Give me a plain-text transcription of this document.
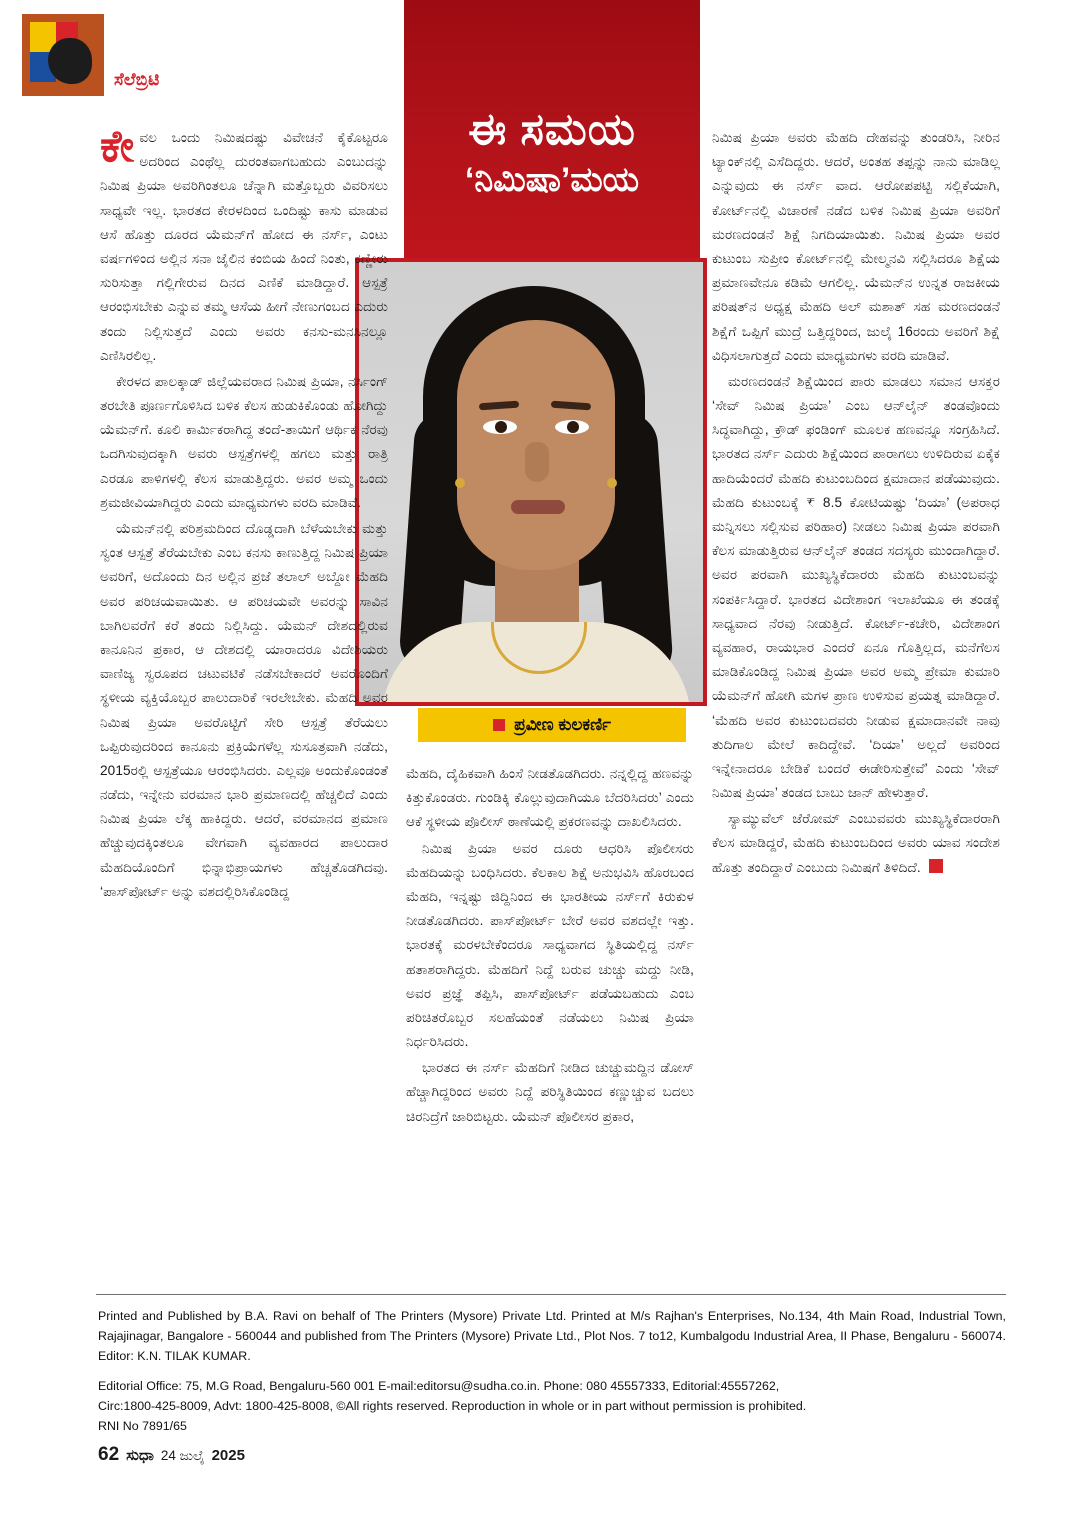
ಸೆಲೆಬ್ರಿಟಿ
ಈ ಸಮಯ
‘ನಿಮಿಷಾ’ಮಯ
ಪ್ರವೀಣ ಕುಲಕರ್ಣಿ

ಕೇವಲ ಒಂದು ನಿಮಿಷದಷ್ಟು ವಿವೇಚನೆ ಕೈಕೊಟ್ಟರೂ ಅದರಿಂದ ಎಂಥೆಲ್ಲ ದುರಂತವಾಗಬಹುದು ಎಂಬುದನ್ನು ನಿಮಿಷ ಪ್ರಿಯಾ ಅವರಿಗಿಂತಲೂ ಚೆನ್ನಾಗಿ ಮತ್ತೊಬ್ಬರು ವಿವರಿಸಲು ಸಾಧ್ಯವೇ ಇಲ್ಲ. ಭಾರತದ ಕೇರಳದಿಂದ ಒಂದಿಷ್ಟು ಕಾಸು ಮಾಡುವ ಆಸೆ ಹೊತ್ತು ದೂರದ ಯೆಮನ್‌ಗೆ ಹೋದ ಈ ನರ್ಸ್, ಎಂಟು ವರ್ಷಗಳಿಂದ ಅಲ್ಲಿನ ಸನಾ ಜೈಲಿನ ಕಂಬಿಯ ಹಿಂದೆ ನಿಂತು, ಕಣ್ಣೀರು ಸುರಿಸುತ್ತಾ ಗಲ್ಲಿಗೇರುವ ದಿನದ ಎಣಿಕೆ ಮಾಡಿದ್ದಾರೆ. ಆಸ್ಪತ್ರೆ ಆರಂಭಿಸಬೇಕು ಎನ್ನುವ ತಮ್ಮ ಆಸೆಯ ಹೀಗೆ ನೇಣುಗಂಬದ ಎದುರು ತಂದು ನಿಲ್ಲಿಸುತ್ತದೆ ಎಂದು ಅವರು ಕನಸು-ಮನಸಿನಲ್ಲೂ ಎಣಿಸಿರಲಿಲ್ಲ.

ಕೇರಳದ ಪಾಲಕ್ಕಾಡ್ ಜಿಲ್ಲೆಯವರಾದ ನಿಮಿಷ ಪ್ರಿಯಾ, ನರ್ಸಿಂಗ್ ತರಬೇತಿ ಪೂರ್ಣಗೊಳಿಸಿದ ಬಳಿಕ ಕೆಲಸ ಹುಡುಕಿಕೊಂಡು ಹೋಗಿದ್ದು ಯೆಮನ್‌ಗೆ. ಕೂಲಿ ಕಾರ್ಮಿಕರಾಗಿದ್ದ ತಂದೆ-ತಾಯಿಗೆ ಆರ್ಥಿಕ ನೆರವು ಒದಗಿಸುವುದಕ್ಕಾಗಿ ಅವರು ಆಸ್ಪತ್ರೆಗಳಲ್ಲಿ ಹಗಲು ಮತ್ತು ರಾತ್ರಿ ಎರಡೂ ಪಾಳಿಗಳಲ್ಲಿ ಕೆಲಸ ಮಾಡುತ್ತಿದ್ದರು. ಅವರ ಅಮ್ಮ ಒಂದು ಶ್ರಮಜೀವಿಯಾಗಿದ್ದರು ಎಂದು ಮಾಧ್ಯಮಗಳು ವರದಿ ಮಾಡಿವೆ.

ಯೆಮನ್‌ನಲ್ಲಿ ಪರಿಶ್ರಮದಿಂದ ದೊಡ್ಡದಾಗಿ ಬೆಳೆಯಬೇಕು ಮತ್ತು ಸ್ವಂತ ಆಸ್ಪತ್ರೆ ತೆರೆಯಬೇಕು ಎಂಬ ಕನಸು ಕಾಣುತ್ತಿದ್ದ ನಿಮಿಷ ಪ್ರಿಯಾ ಅವರಿಗೆ, ಅದೊಂದು ದಿನ ಅಲ್ಲಿನ ಪ್ರಜೆ ತಲಾಲ್ ಅಬ್ದೋ ಮೆಹದಿ ಅವರ ಪರಿಚಯವಾಯಿತು. ಆ ಪರಿಚಯವೇ ಅವರನ್ನು ಸಾವಿನ ಬಾಗಿಲವರೆಗೆ ಕರೆ ತಂದು ನಿಲ್ಲಿಸಿದ್ದು. ಯೆಮನ್ ದೇಶದಲ್ಲಿರುವ ಕಾನೂನಿನ ಪ್ರಕಾರ, ಆ ದೇಶದಲ್ಲಿ ಯಾರಾದರೂ ವಿದೇಶಿಯರು ವಾಣಿಜ್ಯ ಸ್ವರೂಪದ ಚಟುವಟಿಕೆ ನಡೆಸಬೇಕಾದರೆ ಅವರೊಂದಿಗೆ ಸ್ಥಳೀಯ ವ್ಯಕ್ತಿಯೊಬ್ಬರ ಪಾಲುದಾರಿಕೆ ಇರಲೇಬೇಕು. ಮೆಹದಿ ಅವರ ನಿಮಿಷ ಪ್ರಿಯಾ ಅವರೊಟ್ಟಿಗೆ ಸೇರಿ ಆಸ್ಪತ್ರೆ ತೆರೆಯಲು ಒಪ್ಪಿರುವುದರಿಂದ ಕಾನೂನು ಪ್ರಕ್ರಿಯೆಗಳೆಲ್ಲ ಸುಸೂತ್ರವಾಗಿ ನಡೆದು, 2015ರಲ್ಲಿ ಆಸ್ಪತ್ರೆಯೂ ಆರಂಭಿಸಿದರು. ಎಲ್ಲವೂ ಅಂದುಕೊಂಡಂತೆ ನಡೆದು, ಇನ್ನೇನು ವರಮಾನ ಭಾರಿ ಪ್ರಮಾಣದಲ್ಲಿ ಹೆಚ್ಚಲಿದೆ ಎಂದು ನಿಮಿಷ ಪ್ರಿಯಾ ಲೆಕ್ಕ ಹಾಕಿದ್ದರು. ಆದರೆ, ವರಮಾನದ ಪ್ರಮಾಣ ಹೆಚ್ಚುವುದಕ್ಕಿಂತಲೂ ವೇಗವಾಗಿ ವ್ಯವಹಾರದ ಪಾಲುದಾರ ಮೆಹದಿಯೊಂದಿಗೆ ಭಿನ್ನಾಭಿಪ್ರಾಯಗಳು ಹೆಚ್ಚತೊಡಗಿದವು. ‘ಪಾಸ್‌ಪೋರ್ಟ್ ಅನ್ನು ವಶದಲ್ಲಿರಿಸಿಕೊಂಡಿದ್ದ

ಮೆಹದಿ, ದೈಹಿಕವಾಗಿ ಹಿಂಸೆ ನೀಡತೊಡಗಿದರು. ನನ್ನಲ್ಲಿದ್ದ ಹಣವನ್ನು ಕಿತ್ತುಕೊಂಡರು. ಗುಂಡಿಕ್ಕಿ ಕೊಲ್ಲುವುದಾಗಿಯೂ ಬೆದರಿಸಿದರು’ ಎಂದು ಆಕೆ ಸ್ಥಳೀಯ ಪೊಲೀಸ್ ಠಾಣೆಯಲ್ಲಿ ಪ್ರಕರಣವನ್ನು ದಾಖಲಿಸಿದರು.

ನಿಮಿಷ ಪ್ರಿಯಾ ಅವರ ದೂರು ಆಧರಿಸಿ ಪೊಲೀಸರು ಮೆಹದಿಯನ್ನು ಬಂಧಿಸಿದರು. ಕೆಲಕಾಲ ಶಿಕ್ಷೆ ಅನುಭವಿಸಿ ಹೊರಬಂದ ಮೆಹದಿ, ಇನ್ನಷ್ಟು ಜಿದ್ದಿನಿಂದ ಈ ಭಾರತೀಯ ನರ್ಸ್‌ಗೆ ಕಿರುಕುಳ ನೀಡತೊಡಗಿದರು. ಪಾಸ್‌ಪೋರ್ಟ್ ಬೇರೆ ಅವರ ವಶದಲ್ಲೇ ಇತ್ತು. ಭಾರತಕ್ಕೆ ಮರಳಬೇಕೆಂದರೂ ಸಾಧ್ಯವಾಗದ ಸ್ಥಿತಿಯಲ್ಲಿದ್ದ ನರ್ಸ್ ಹತಾಶರಾಗಿದ್ದರು. ಮೆಹದಿಗೆ ನಿದ್ದೆ ಬರುವ ಚುಚ್ಚು ಮದ್ದು ನೀಡಿ, ಅವರ ಪ್ರಜ್ಞೆ ತಪ್ಪಿಸಿ, ಪಾಸ್‌ಪೋರ್ಟ್ ಪಡೆಯಬಹುದು ಎಂಬ ಪರಿಚಿತರೊಬ್ಬರ ಸಲಹೆಯಂತೆ ನಡೆಯಲು ನಿಮಿಷ ಪ್ರಿಯಾ ನಿರ್ಧರಿಸಿದರು.

ಭಾರತದ ಈ ನರ್ಸ್ ಮೆಹದಿಗೆ ನೀಡಿದ ಚುಚ್ಚುಮದ್ದಿನ ಡೋಸ್ ಹೆಚ್ಚಾಗಿದ್ದರಿಂದ ಅವರು ನಿದ್ದೆ ಪರಿಸ್ಥಿತಿಯಿಂದ ಕಣ್ಣುಚ್ಚುವ ಬದಲು ಚಿರನಿದ್ರೆಗೆ ಜಾರಿಬಿಟ್ಟರು. ಯೆಮನ್ ಪೊಲೀಸರ ಪ್ರಕಾರ,

ನಿಮಿಷ ಪ್ರಿಯಾ ಅವರು ಮೆಹದಿ ದೇಹವನ್ನು ತುಂಡರಿಸಿ, ನೀರಿನ ಟ್ಯಾಂಕ್‌ನಲ್ಲಿ ಎಸೆದಿದ್ದರು. ಆದರೆ, ಅಂತಹ ತಪ್ಪನ್ನು ನಾನು ಮಾಡಿಲ್ಲ ಎನ್ನುವುದು ಈ ನರ್ಸ್ ವಾದ. ಆರೋಪಪಟ್ಟಿ ಸಲ್ಲಿಕೆಯಾಗಿ, ಕೋರ್ಟ್‌ನಲ್ಲಿ ವಿಚಾರಣೆ ನಡೆದ ಬಳಿಕ ನಿಮಿಷ ಪ್ರಿಯಾ ಅವರಿಗೆ ಮರಣದಂಡನೆ ಶಿಕ್ಷೆ ನಿಗದಿಯಾಯಿತು. ನಿಮಿಷ ಪ್ರಿಯಾ ಅವರ ಕುಟುಂಬ ಸುಪ್ರೀಂ ಕೋರ್ಟ್‌ನಲ್ಲಿ ಮೇಲ್ಮನವಿ ಸಲ್ಲಿಸಿದರೂ ಶಿಕ್ಷೆಯ ಪ್ರಮಾಣವೇನೂ ಕಡಿಮೆ ಆಗಲಿಲ್ಲ. ಯೆಮನ್‌ನ ಉನ್ನತ ರಾಜಕೀಯ ಪರಿಷತ್‌ನ ಅಧ್ಯಕ್ಷ ಮೆಹದಿ ಅಲ್ ಮಶಾತ್ ಸಹ ಮರಣದಂಡನೆ ಶಿಕ್ಷೆಗೆ ಒಪ್ಪಿಗೆ ಮುದ್ರೆ ಒತ್ತಿದ್ದರಿಂದ, ಜುಲೈ 16ರಂದು ಅವರಿಗೆ ಶಿಕ್ಷೆ ವಿಧಿಸಲಾಗುತ್ತದೆ ಎಂದು ಮಾಧ್ಯಮಗಳು ವರದಿ ಮಾಡಿವೆ.

ಮರಣದಂಡನೆ ಶಿಕ್ಷೆಯಿಂದ ಪಾರು ಮಾಡಲು ಸಮಾನ ಆಸಕ್ತರ ‘ಸೇವ್ ನಿಮಿಷ ಪ್ರಿಯಾ’ ಎಂಬ ಆನ್‌ಲೈನ್ ತಂಡವೊಂದು ಸಿದ್ಧವಾಗಿದ್ದು, ಕ್ರೌಡ್ ಫಂಡಿಂಗ್ ಮೂಲಕ ಹಣವನ್ನೂ ಸಂಗ್ರಹಿಸಿದೆ. ಭಾರತದ ನರ್ಸ್ ಎದುರು ಶಿಕ್ಷೆಯಿಂದ ಪಾರಾಗಲು ಉಳಿದಿರುವ ಏಕೈಕ ಹಾದಿಯೆಂದರೆ ಮೆಹದಿ ಕುಟುಂಬದಿಂದ ಕ್ಷಮಾದಾನ ಪಡೆಯುವುದು. ಮೆಹದಿ ಕುಟುಂಬಕ್ಕೆ ₹ 8.5 ಕೋಟಿಯಷ್ಟು ‘ದಿಯಾ’ (ಅಪರಾಧ ಮನ್ನಿಸಲು ಸಲ್ಲಿಸುವ ಪರಿಹಾರ) ನೀಡಲು ನಿಮಿಷ ಪ್ರಿಯಾ ಪರವಾಗಿ ಕೆಲಸ ಮಾಡುತ್ತಿರುವ ಆನ್‌ಲೈನ್ ತಂಡದ ಸದಸ್ಯರು ಮುಂದಾಗಿದ್ದಾರೆ. ಅವರ ಪರವಾಗಿ ಮುಖ್ಯಸ್ಥಿಕೆದಾರರು ಮೆಹದಿ ಕುಟುಂಬವನ್ನು ಸಂಪರ್ಕಿಸಿದ್ದಾರೆ. ಭಾರತದ ವಿದೇಶಾಂಗ ಇಲಾಖೆಯೂ ಈ ತಂಡಕ್ಕೆ ಸಾಧ್ಯವಾದ ನೆರವು ನೀಡುತ್ತಿದೆ. ಕೋರ್ಟ್-ಕಚೇರಿ, ವಿದೇಶಾಂಗ ವ್ಯವಹಾರ, ರಾಯಭಾರ ಎಂದರೆ ಏನೂ ಗೊತ್ತಿಲ್ಲದ, ಮನೆಗೆಲಸ ಮಾಡಿಕೊಂಡಿದ್ದ ನಿಮಿಷ ಪ್ರಿಯಾ ಅವರ ಅಮ್ಮ ಪ್ರೇಮಾ ಕುಮಾರಿ ಯೆಮನ್‌ಗೆ ಹೋಗಿ ಮಗಳ ಪ್ರಾಣ ಉಳಿಸುವ ಪ್ರಯತ್ನ ಮಾಡಿದ್ದಾರೆ. ‘ಮೆಹದಿ ಅವರ ಕುಟುಂಬದವರು ನೀಡುವ ಕ್ಷಮಾದಾನವೇ ನಾವು ತುದಿಗಾಲ ಮೇಲೆ ಕಾದಿದ್ದೇವೆ. ‘ದಿಯಾ’ ಅಲ್ಲದೆ ಅವರಿಂದ ಇನ್ನೇನಾದರೂ ಬೇಡಿಕೆ ಬಂದರೆ ಈಡೇರಿಸುತ್ತೇವೆ’ ಎಂದು ‘ಸೇವ್ ನಿಮಿಷ ಪ್ರಿಯಾ’ ತಂಡದ ಬಾಬು ಜಾನ್ ಹೇಳುತ್ತಾರೆ.

ಸ್ಯಾಮ್ಯುವೆಲ್ ಜೆರೋಮ್ ಎಂಬುವವರು ಮುಖ್ಯಸ್ಥಿಕೆದಾರರಾಗಿ ಕೆಲಸ ಮಾಡಿದ್ದರೆ, ಮೆಹದಿ ಕುಟುಂಬದಿಂದ ಅವರು ಯಾವ ಸಂದೇಶ ಹೊತ್ತು ತಂದಿದ್ದಾರೆ ಎಂಬುದು ನಿಮಿಷಗೆ ತಿಳಿದಿದೆ.

Printed and Published by B.A. Ravi on behalf of The Printers (Mysore) Private Ltd. Printed at M/s Rajhan's Enterprises, No.134, 4th Main Road, Industrial Town, Rajajinagar, Bangalore - 560044 and published from The Printers (Mysore) Private Ltd., Plot Nos. 7 to12, Kumbalgodu Industrial Area, II Phase, Bengaluru - 560074. Editor: K.N. TILAK KUMAR.

Editorial Office: 75, M.G Road, Bengaluru-560 001 E-mail:editorsu@sudha.co.in. Phone: 080 45557333, Editorial:45557262,

Circ:1800-425-8009, Advt: 1800-425-8008, ©All rights reserved. Reproduction in whole or in part without permission is prohibited.

RNI No 7891/65

62 ಸುಧಾ 24 ಜುಲೈ 2025
